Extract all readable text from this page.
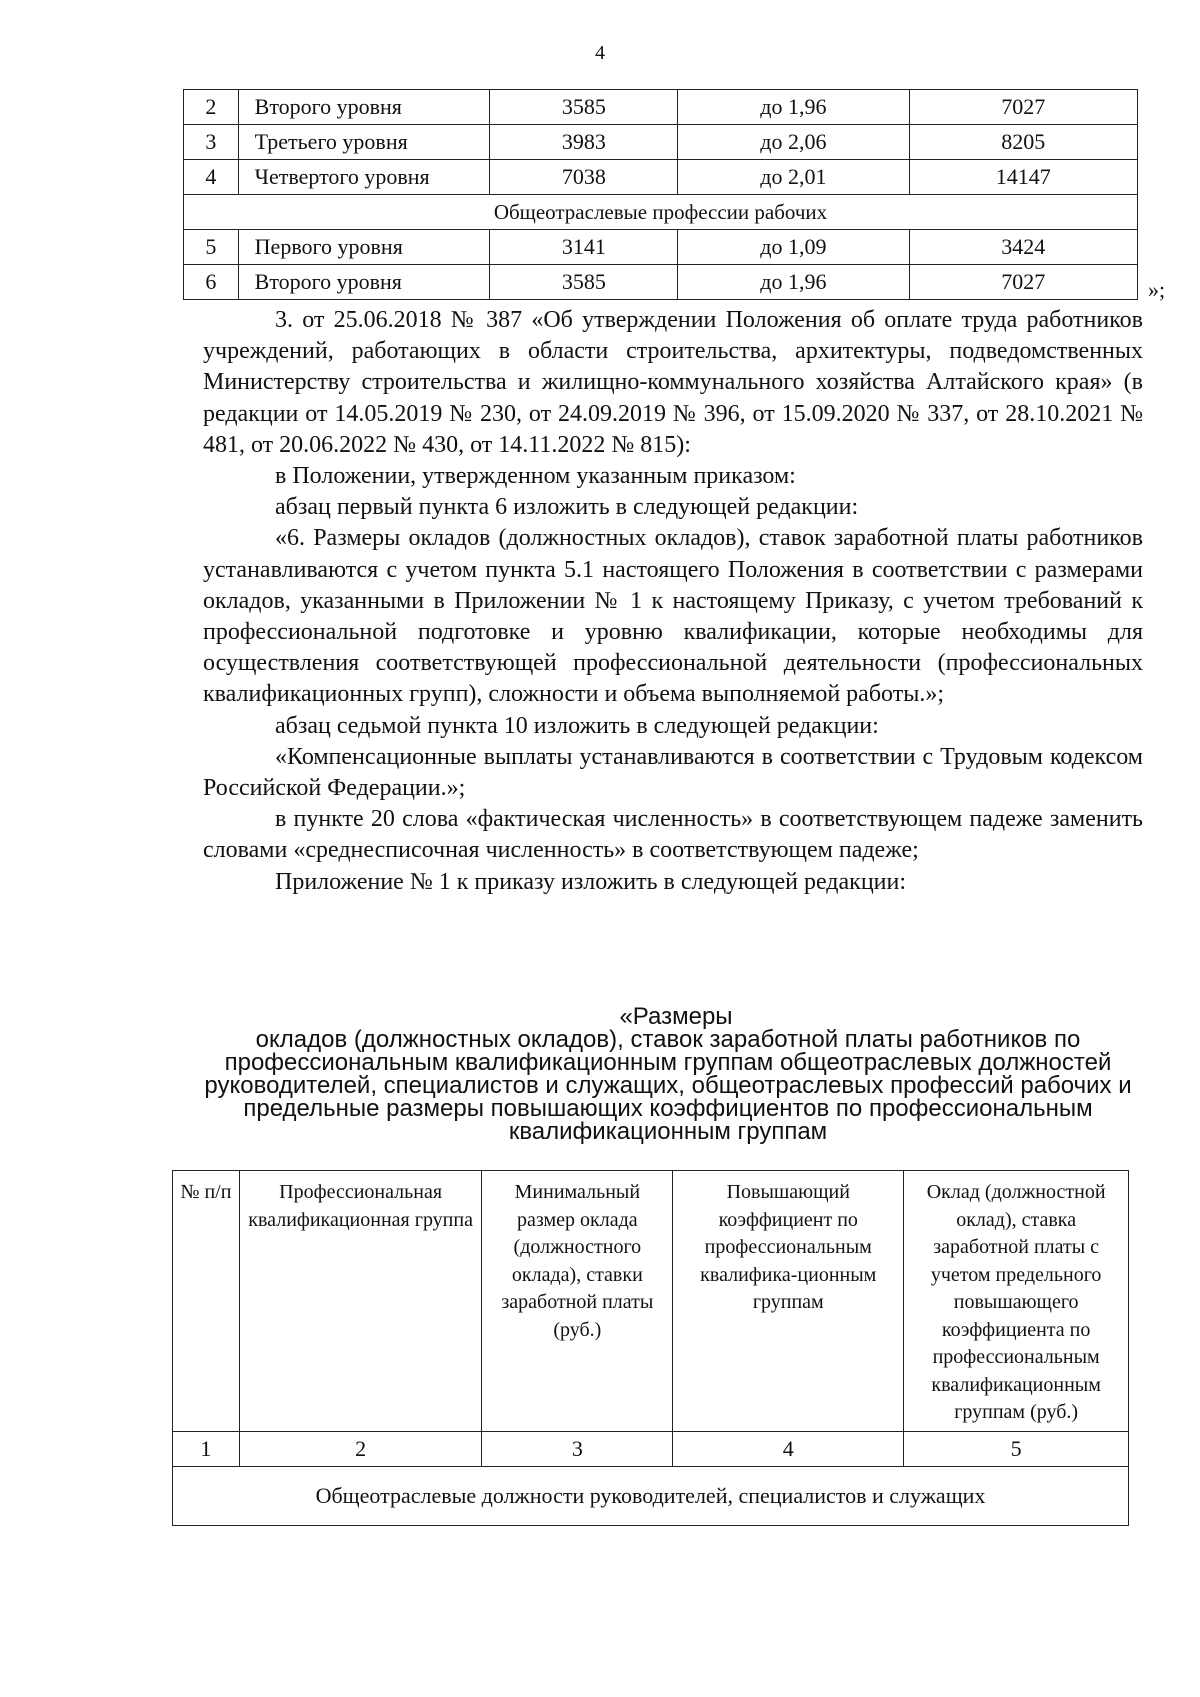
4
2	Второго уровня	3585	до 1,96	7027
3	Третьего уровня	3983	до 2,06	8205
4	Четвертого уровня	7038	до 2,01	14147
Общеотраслевые профессии рабочих				
5	Первого уровня	3141	до 1,09	3424
6	Второго уровня	3585	до 1,96	7027	»;

3. от 25.06.2018 № 387 «Об утверждении Положения об оплате труда работников учреждений, работающих в области строительства, архитектуры, подведомственных Министерству строительства и жилищно-коммунального хозяйства Алтайского края» (в редакции от 14.05.2019 № 230, от 24.09.2019 № 396, от 15.09.2020 № 337, от 28.10.2021 № 481, от 20.06.2022 № 430, от 14.11.2022 № 815):

в Положении, утвержденном указанным приказом:

абзац первый пункта 6 изложить в следующей редакции:

«6. Размеры окладов (должностных окладов), ставок заработной платы работников устанавливаются с учетом пункта 5.1 настоящего Положения в соответствии с размерами окладов, указанными в Приложении № 1 к настоящему Приказу, с учетом требований к профессиональной подготовке и уровню квалификации, которые необходимы для осуществления соответствующей профессиональной деятельности (профессиональных квалификационных групп), сложности и объема выполняемой работы.»;

абзац седьмой пункта 10 изложить в следующей редакции:

«Компенсационные выплаты устанавливаются в соответствии с Трудовым кодексом Российской Федерации.»;

в пункте 20 слова «фактическая численность» в соответствующем падеже заменить словами «среднесписочная численность» в соответствующем падеже;

Приложение № 1 к приказу изложить в следующей редакции:

«Размеры
окладов (должностных окладов), ставок заработной платы работников по профессиональным квалификационным группам общеотраслевых должностей руководителей, специалистов и служащих, общеотраслевых профессий рабочих и предельные размеры повышающих коэффициентов по профессиональным квалификационным группам
№ п/п	Профессиональная квалификационная группа	Минимальный размер оклада (должностного оклада), ставки заработной платы (руб.)	Повышающий коэффициент по профессиональным квалифика-ционным группам	Оклад (должностной оклад), ставка заработной платы с учетом предельного повышающего коэффициента по профессиональным квалификационным группам (руб.)
1	2	3	4	5
Общеотраслевые должности руководителей, специалистов и служащих				
